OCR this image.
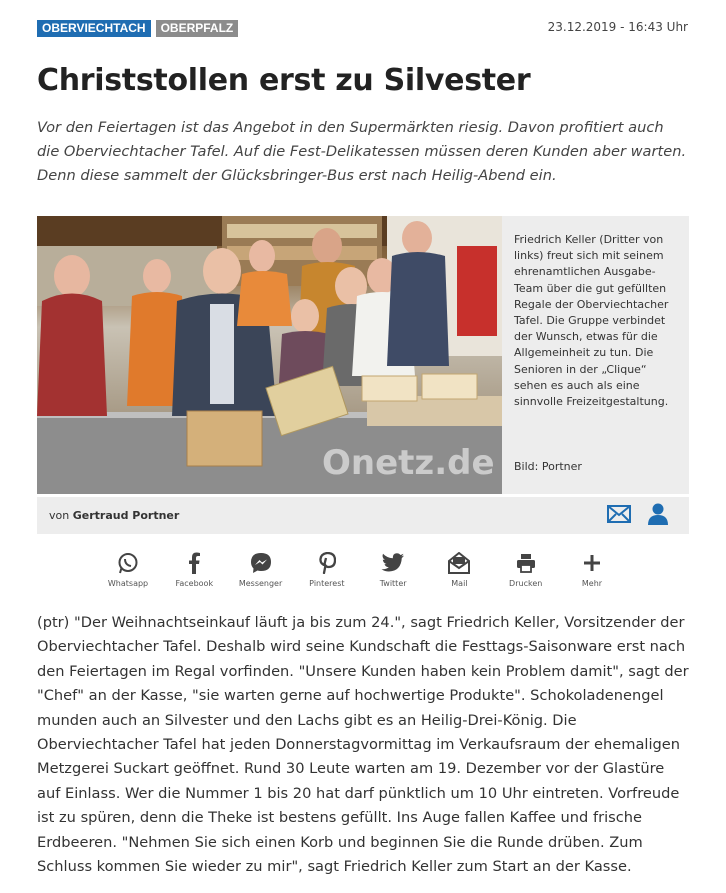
OBERVIECHTACH	OBERPFALZ	23.12.2019 - 16:43 Uhr
Christstollen erst zu Silvester

Vor den Feiertagen ist das Angebot in den Supermärkten riesig. Davon profitiert auch die Oberviechtacher Tafel. Auf die Fest-Delikatessen müssen deren Kunden aber warten. Denn diese sammelt der Glücksbringer-Bus erst nach Heilig-Abend ein.

Onetz.de
Friedrich Keller (Dritter von links) freut sich mit seinem ehrenamtlichen Ausgabe-Team über die gut gefüllten Regale der Oberviechtacher Tafel. Die Gruppe verbindet der Wunsch, etwas für die Allgemeinheit zu tun. Die Senioren in der „Clique“ sehen es auch als eine sinnvolle Freizeitgestaltung.
Bild: Portner
von Gertraud Portner
Whatsapp	Facebook	Messenger	Pinterest	Twitter	Mail	Drucken	Mehr

(ptr) "Der Weihnachtseinkauf läuft ja bis zum 24.", sagt Friedrich Keller, Vorsitzender der Oberviechtacher Tafel. Deshalb wird seine Kundschaft die Festtags-Saisonware erst nach den Feiertagen im Regal vorfinden. "Unsere Kunden haben kein Problem damit", sagt der "Chef" an der Kasse, "sie warten gerne auf hochwertige Produkte". Schokoladenengel munden auch an Silvester und den Lachs gibt es an Heilig-Drei-König. Die Oberviechtacher Tafel hat jeden Donnerstagvormittag im Verkaufsraum der ehemaligen Metzgerei Suckart geöffnet. Rund 30 Leute warten am 19. Dezember vor der Glastüre auf Einlass. Wer die Nummer 1 bis 20 hat darf pünktlich um 10 Uhr eintreten. Vorfreude ist zu spüren, denn die Theke ist bestens gefüllt. Ins Auge fallen Kaffee und frische Erdbeeren. "Nehmen Sie sich einen Korb und beginnen Sie die Runde drüben. Zum Schluss kommen Sie wieder zu mir", sagt Friedrich Keller zum Start an der Kasse.
